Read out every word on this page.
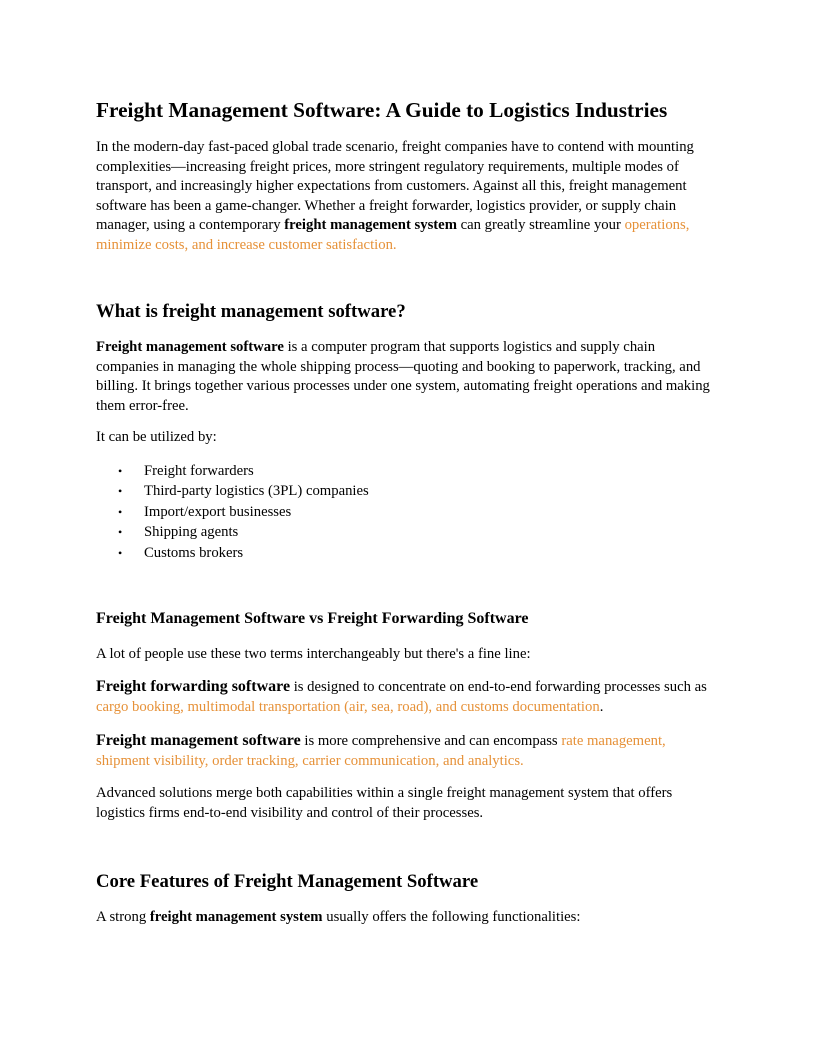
Freight Management Software: A Guide to Logistics Industries

In the modern-day fast-paced global trade scenario, freight companies have to contend with mounting complexities—increasing freight prices, more stringent regulatory requirements, multiple modes of transport, and increasingly higher expectations from customers. Against all this, freight management software has been a game-changer. Whether a freight forwarder, logistics provider, or supply chain manager, using a contemporary freight management system can greatly streamline your operations, minimize costs, and increase customer satisfaction.

What is freight management software?

Freight management software is a computer program that supports logistics and supply chain companies in managing the whole shipping process—quoting and booking to paperwork, tracking, and billing. It brings together various processes under one system, automating freight operations and making them error-free.

It can be utilized by:

• Freight forwarders
• Third-party logistics (3PL) companies
• Import/export businesses
• Shipping agents
• Customs brokers
Freight Management Software vs Freight Forwarding Software

A lot of people use these two terms interchangeably but there's a fine line:

Freight forwarding software is designed to concentrate on end-to-end forwarding processes such as cargo booking, multimodal transportation (air, sea, road), and customs documentation.

Freight management software is more comprehensive and can encompass rate management, shipment visibility, order tracking, carrier communication, and analytics.

Advanced solutions merge both capabilities within a single freight management system that offers logistics firms end-to-end visibility and control of their processes.

Core Features of Freight Management Software

A strong freight management system usually offers the following functionalities:
